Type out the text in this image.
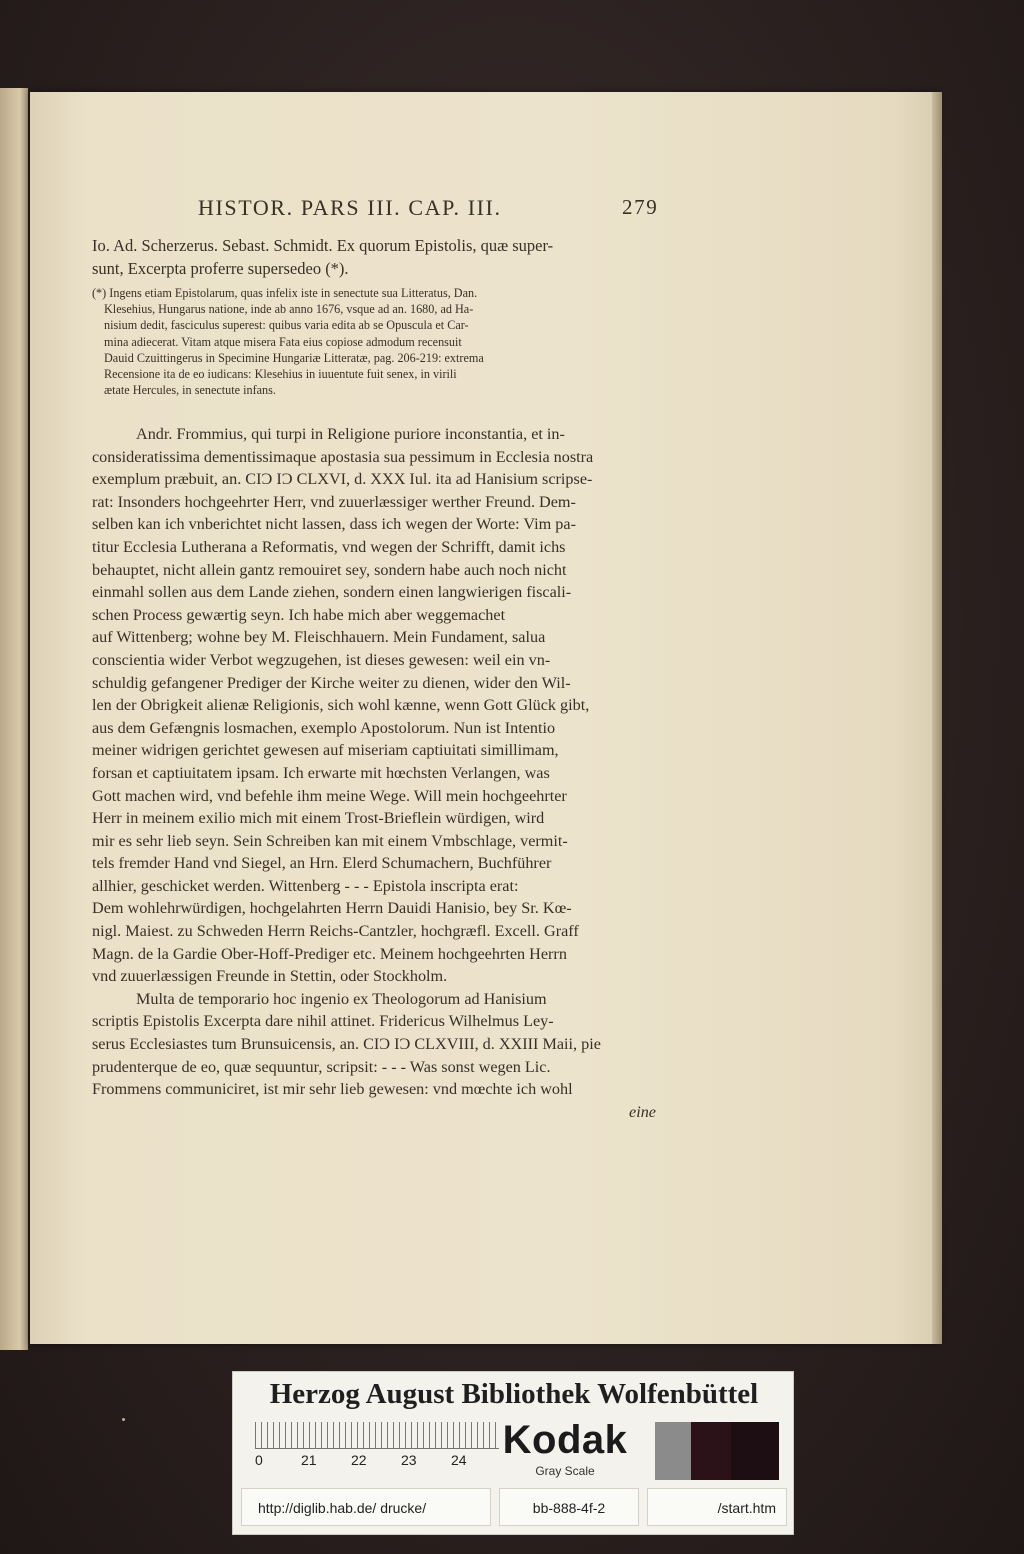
HISTOR. PARS III. CAP. III.	279
Io. Ad. Scherzerus. Sebast. Schmidt. Ex quorum Epistolis, quæ super-
sunt, Excerpta proferre supersedeo (*).
(*) Ingens etiam Epistolarum, quas infelix iste in senectute sua Litteratus, Dan.
Klesehius, Hungarus natione, inde ab anno 1676, vsque ad an. 1680, ad Ha-
nisium dedit, fasciculus superest: quibus varia edita ab se Opuscula et Car-
mina adiecerat. Vitam atque misera Fata eius copiose admodum recensuit
Dauid Czuittingerus in Specimine Hungariæ Litteratæ, pag. 206-219: extrema
Recensione ita de eo iudicans: Klesehius in iuuentute fuit senex, in virili
ætate Hercules, in senectute infans.
Andr. Frommius, qui turpi in Religione puriore inconstantia, et in-
consideratissima dementissimaque apostasia sua pessimum in Ecclesia nostra
exemplum præbuit, an. CIƆ IƆ CLXVI, d. XXX Iul. ita ad Hanisium scripse-
rat: Insonders hochgeehrter Herr, vnd zuuerlæssiger werther Freund. Dem-
selben kan ich vnberichtet nicht lassen, dass ich wegen der Worte: Vim pa-
titur Ecclesia Lutherana a Reformatis, vnd wegen der Schrifft, damit ichs
behauptet, nicht allein gantz remouiret sey, sondern habe auch noch nicht
einmahl sollen aus dem Lande ziehen, sondern einen langwierigen fiscali-
schen Process gewærtig seyn. Ich habe mich aber weggemachet
auf Wittenberg; wohne bey M. Fleischhauern. Mein Fundament, salua
conscientia wider Verbot wegzugehen, ist dieses gewesen: weil ein vn-
schuldig gefangener Prediger der Kirche weiter zu dienen, wider den Wil-
len der Obrigkeit alienæ Religionis, sich wohl kænne, wenn Gott Glück gibt,
aus dem Gefængnis losmachen, exemplo Apostolorum. Nun ist Intentio
meiner widrigen gerichtet gewesen auf miseriam captiuitati simillimam,
forsan et captiuitatem ipsam. Ich erwarte mit hœchsten Verlangen, was
Gott machen wird, vnd befehle ihm meine Wege. Will mein hochgeehrter
Herr in meinem exilio mich mit einem Trost-Brieflein würdigen, wird
mir es sehr lieb seyn. Sein Schreiben kan mit einem Vmbschlage, vermit-
tels fremder Hand vnd Siegel, an Hrn. Elerd Schumachern, Buchführer
allhier, geschicket werden. Wittenberg - - - Epistola inscripta erat:
Dem wohlehrwürdigen, hochgelahrten Herrn Dauidi Hanisio, bey Sr. Kœ-
nigl. Maiest. zu Schweden Herrn Reichs-Cantzler, hochgræfl. Excell. Graff
Magn. de la Gardie Ober-Hoff-Prediger etc. Meinem hochgeehrten Herrn
vnd zuuerlæssigen Freunde in Stettin, oder Stockholm.
Multa de temporario hoc ingenio ex Theologorum ad Hanisium
scriptis Epistolis Excerpta dare nihil attinet. Fridericus Wilhelmus Ley-
serus Ecclesiastes tum Brunsuicensis, an. CIƆ IƆ CLXVIII, d. XXIII Maii, pie
prudenterque de eo, quæ sequuntur, scripsit: - - - Was sonst wegen Lic.
Frommens communiciret, ist mir sehr lieb gewesen: vnd mœchte ich wohl
eine
Herzog August Bibliothek Wolfenbüttel
0	21 22 23 24 Kodak
Gray Scale
http://diglib.hab.de/ drucke/	bb-888-4f-2	/start.htm
